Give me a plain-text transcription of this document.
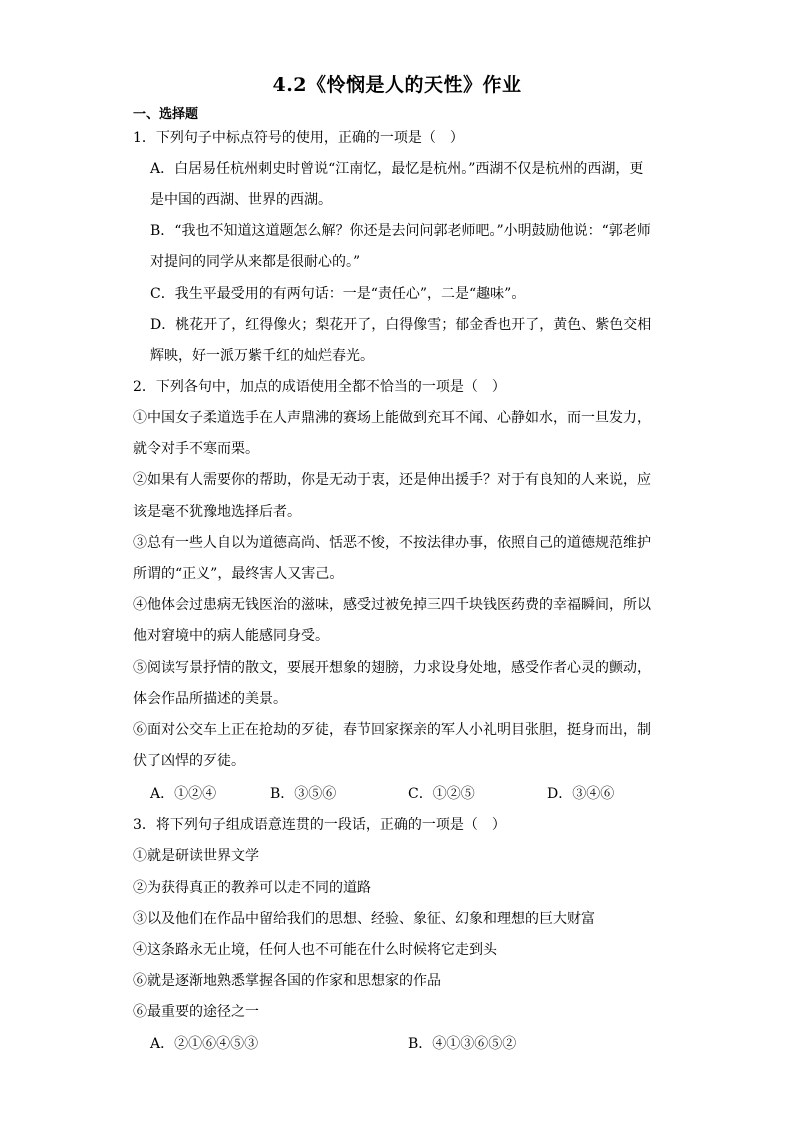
4.2《怜悯是人的天性》作业
一、选择题
1．下列句子中标点符号的使用，正确的一项是（　）
A．白居易任杭州刺史时曾说“江南忆，最忆是杭州。”西湖不仅是杭州的西湖，更
是中国的西湖、世界的西湖。
B．“我也不知道这道题怎么解？你还是去问问郭老师吧。”小明鼓励他说：“郭老师
对提问的同学从来都是很耐心的。”
C．我生平最受用的有两句话：一是“责任心”，二是“趣味”。
D．桃花开了，红得像火；梨花开了，白得像雪；郁金香也开了，黄色、紫色交相
辉映，好一派万紫千红的灿烂春光。
2．下列各句中，加点的成语使用全都不恰当的一项是（　）
①中国女子柔道选手在人声鼎沸的赛场上能做到充耳不闻、心静如水，而一旦发力，
就令对手不寒而栗。
②如果有人需要你的帮助，你是无动于衷，还是伸出援手？对于有良知的人来说，应
该是毫不犹豫地选择后者。
③总有一些人自以为道德高尚、恬恶不悛，不按法律办事，依照自己的道德规范维护
所谓的“正义”，最终害人又害己。
④他体会过患病无钱医治的滋味，感受过被免掉三四千块钱医药费的幸福瞬间，所以
他对窘境中的病人能感同身受。
⑤阅读写景抒情的散文，要展开想象的翅膀，力求设身处地，感受作者心灵的颤动，
体会作品所描述的美景。
⑥面对公交车上正在抢劫的歹徒，春节回家探亲的军人小礼明目张胆，挺身而出，制
伏了凶悍的歹徒。
A．①②④	B．③⑤⑥	C．①②⑤	D．③④⑥
3．将下列句子组成语意连贯的一段话，正确的一项是（　）
①就是研读世界文学
②为获得真正的教养可以走不同的道路
③以及他们在作品中留给我们的思想、经验、象征、幻象和理想的巨大财富
④这条路永无止境，任何人也不可能在什么时候将它走到头
⑥就是逐渐地熟悉掌握各国的作家和思想家的作品
⑥最重要的途径之一
A．②①⑥④⑤③	B．④①③⑥⑤②
